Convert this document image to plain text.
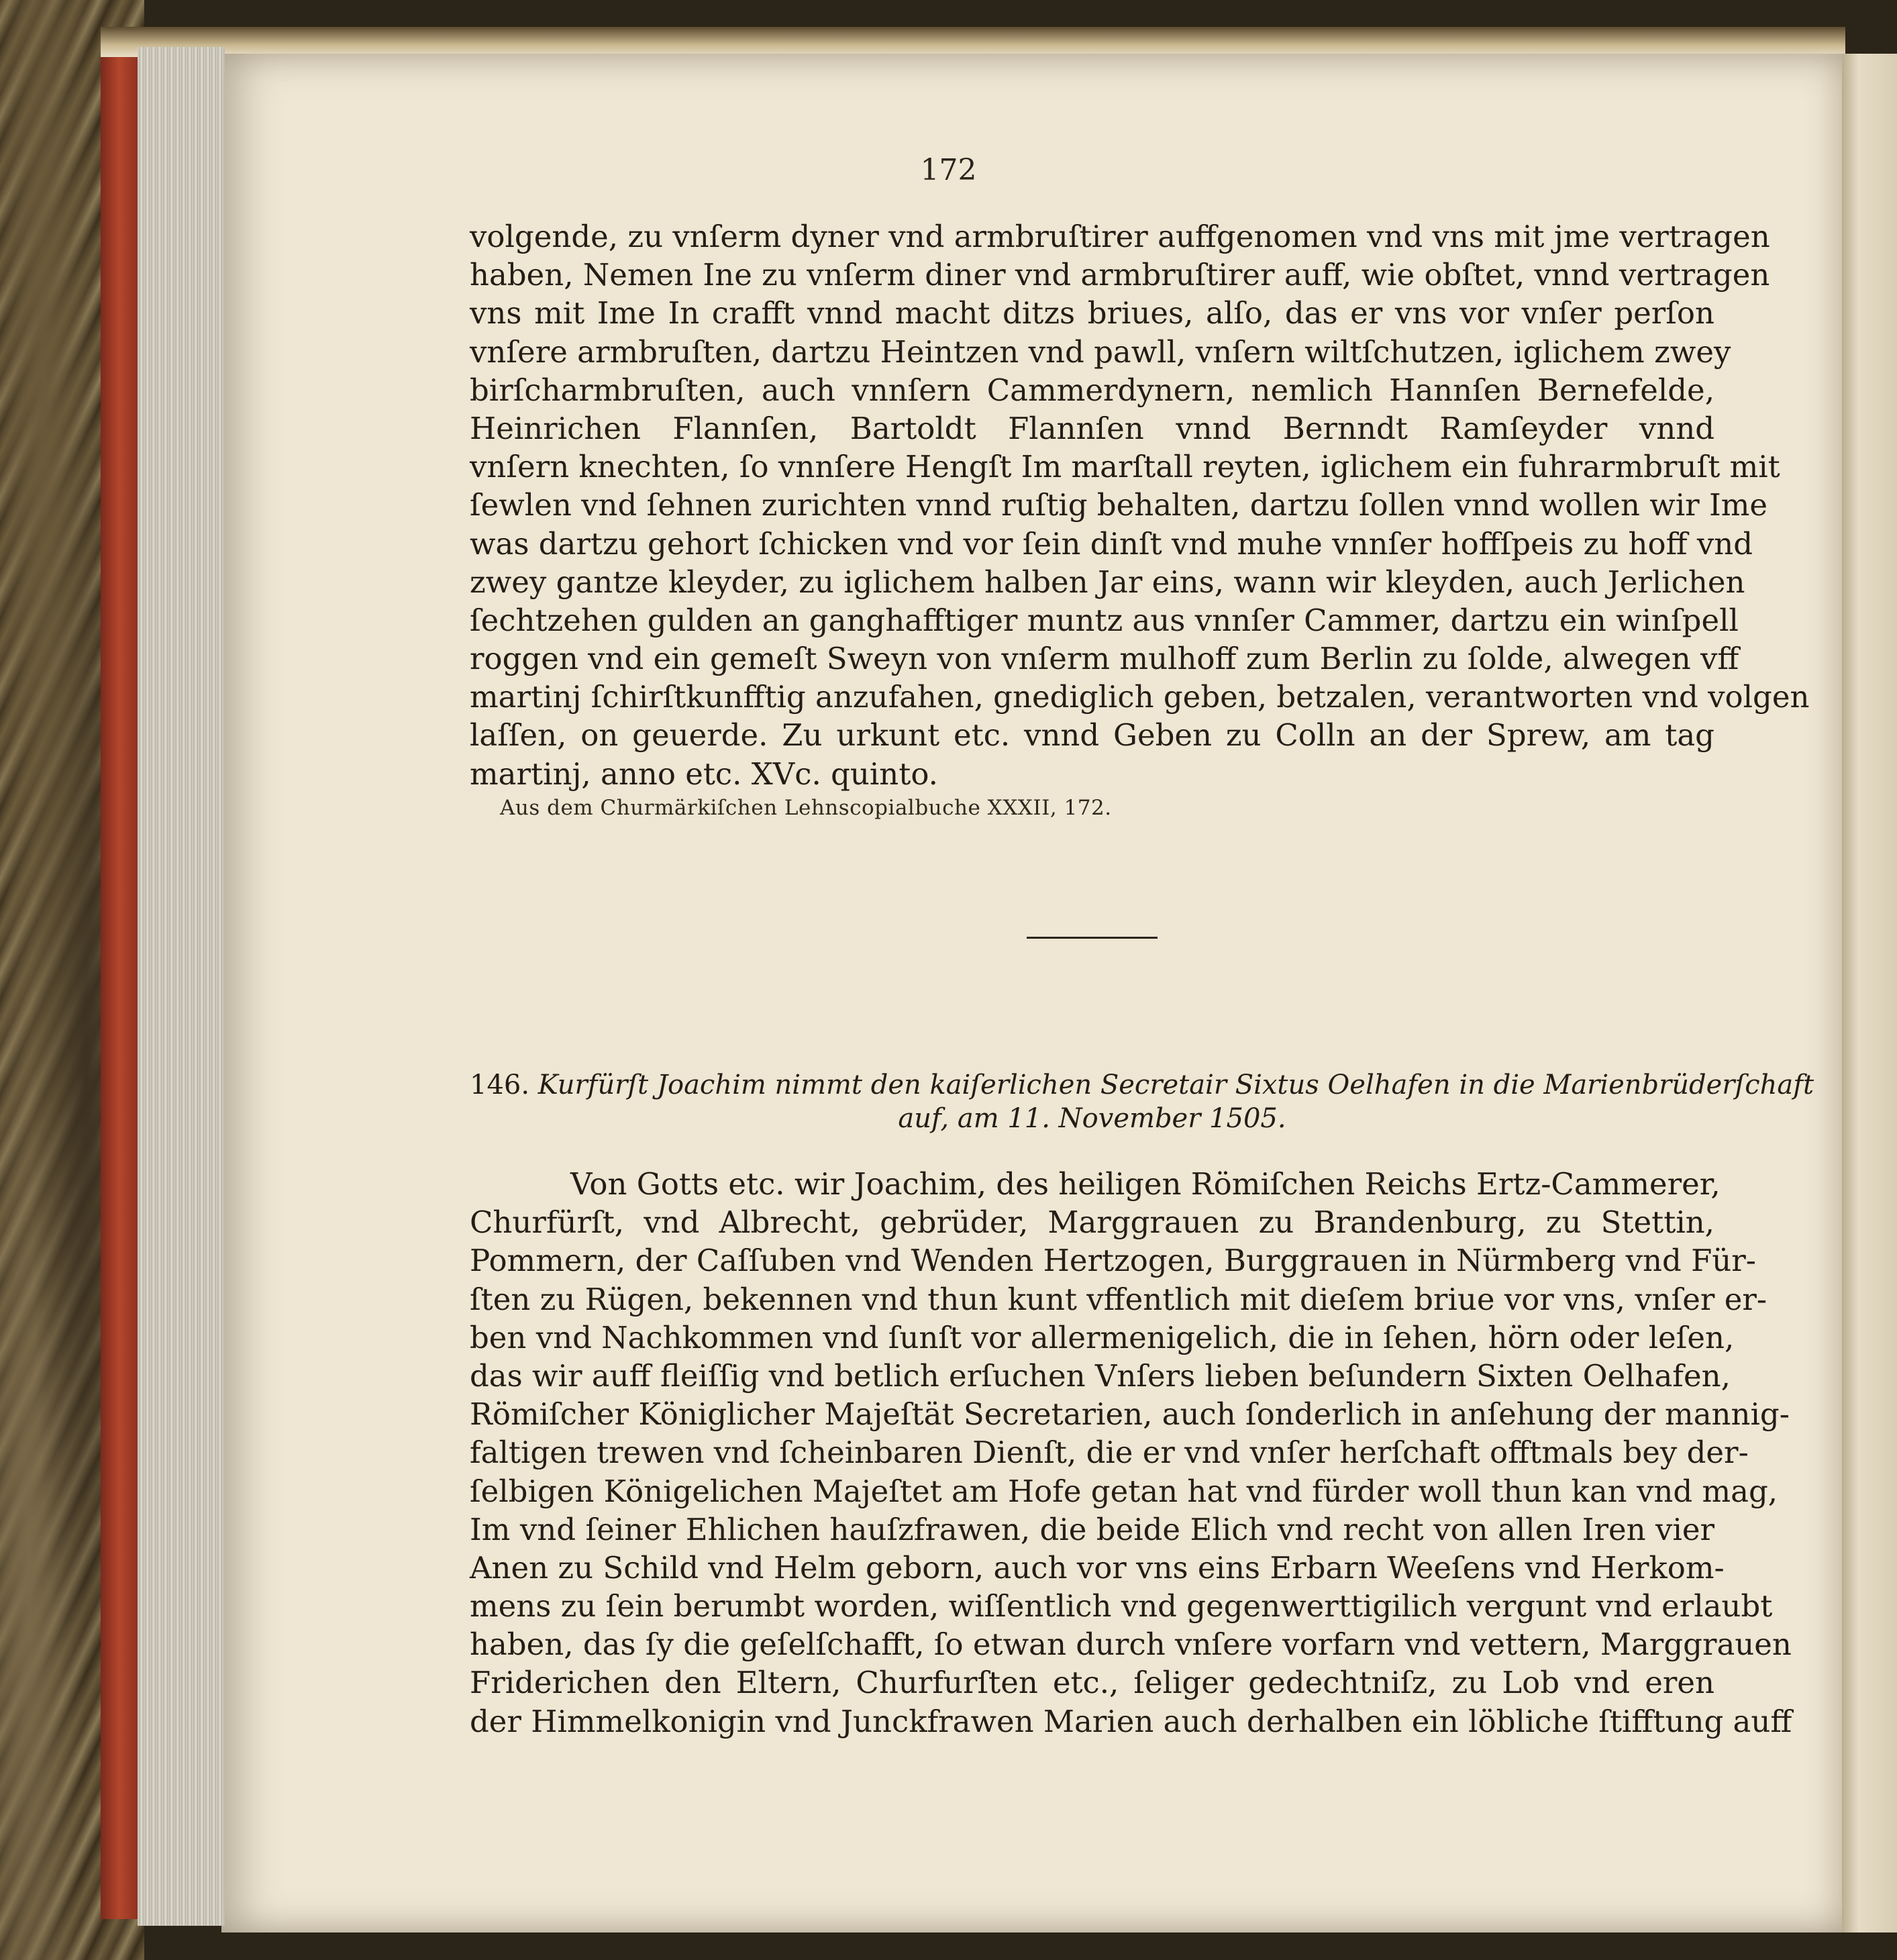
172
volgende, zu vnſerm dyner vnd armbruſtirer auffgenomen vnd vns mit jme vertragen
haben, Nemen Ine zu vnſerm diner vnd armbruſtirer auff, wie obſtet, vnnd vertragen
vns mit Ime In crafft vnnd macht ditzs briues, alſo, das er vns vor vnſer perſon
vnſere armbruſten, dartzu Heintzen vnd pawll, vnſern wiltſchutzen, iglichem zwey
birſcharmbruſten, auch vnnſern Cammerdynern, nemlich Hannſen Bernefelde,
Heinrichen Flannſen, Bartoldt Flannſen vnnd Bernndt Ramſeyder vnnd
vnſern knechten, ſo vnnſere Hengſt Im marſtall reyten, iglichem ein fuhrarmbruſt mit
ſewlen vnd ſehnen zurichten vnnd ruſtig behalten, dartzu ſollen vnnd wollen wir Ime
was dartzu gehort ſchicken vnd vor ſein dinſt vnd muhe vnnſer hoffſpeis zu hoff vnd
zwey gantze kleyder, zu iglichem halben Jar eins, wann wir kleyden, auch Jerlichen
ſechtzehen gulden an ganghafftiger muntz aus vnnſer Cammer, dartzu ein winſpell
roggen vnd ein gemeſt Sweyn von vnſerm mulhoff zum Berlin zu ſolde, alwegen vff
martinj ſchirſtkunfftig anzufahen, gnediglich geben, betzalen, verantworten vnd volgen
laſſen, on geuerde. Zu urkunt etc. vnnd Geben zu Colln an der Sprew, am tag
martinj, anno etc. XVc. quinto.
Aus dem Churmärkiſchen Lehnscopialbuche XXXII, 172.
146. Kurfürſt Joachim nimmt den kaiſerlichen Secretair Sixtus Oelhafen in die Marienbrüderſchaft
auf, am 11. November 1505.
Von Gotts etc. wir Joachim, des heiligen Römiſchen Reichs Ertz-Cammerer,
Churfürſt, vnd Albrecht, gebrüder, Marggrauen zu Brandenburg, zu Stettin,
Pommern, der Caſſuben vnd Wenden Hertzogen, Burggrauen in Nürmberg vnd Für-
ſten zu Rügen, bekennen vnd thun kunt vffentlich mit dieſem briue vor vns, vnſer er-
ben vnd Nachkommen vnd ſunſt vor allermenigelich, die in ſehen, hörn oder leſen,
das wir auff fleiſſig vnd betlich erſuchen Vnſers lieben beſundern Sixten Oelhafen,
Römiſcher Königlicher Majeſtät Secretarien, auch ſonderlich in anſehung der mannig-
faltigen trewen vnd ſcheinbaren Dienſt, die er vnd vnſer herſchaft offtmals bey der-
ſelbigen Königelichen Majeſtet am Hofe getan hat vnd fürder woll thun kan vnd mag,
Im vnd ſeiner Ehlichen hauſzfrawen, die beide Elich vnd recht von allen Iren vier
Anen zu Schild vnd Helm geborn, auch vor vns eins Erbarn Weeſens vnd Herkom-
mens zu ſein berumbt worden, wiſſentlich vnd gegenwerttigilich vergunt vnd erlaubt
haben, das ſy die geſelſchafft, ſo etwan durch vnſere vorfarn vnd vettern, Marggrauen
Friderichen den Eltern, Churfurſten etc., ſeliger gedechtniſz, zu Lob vnd eren
der Himmelkonigin vnd Junckfrawen Marien auch derhalben ein löbliche ſtifftung auff
